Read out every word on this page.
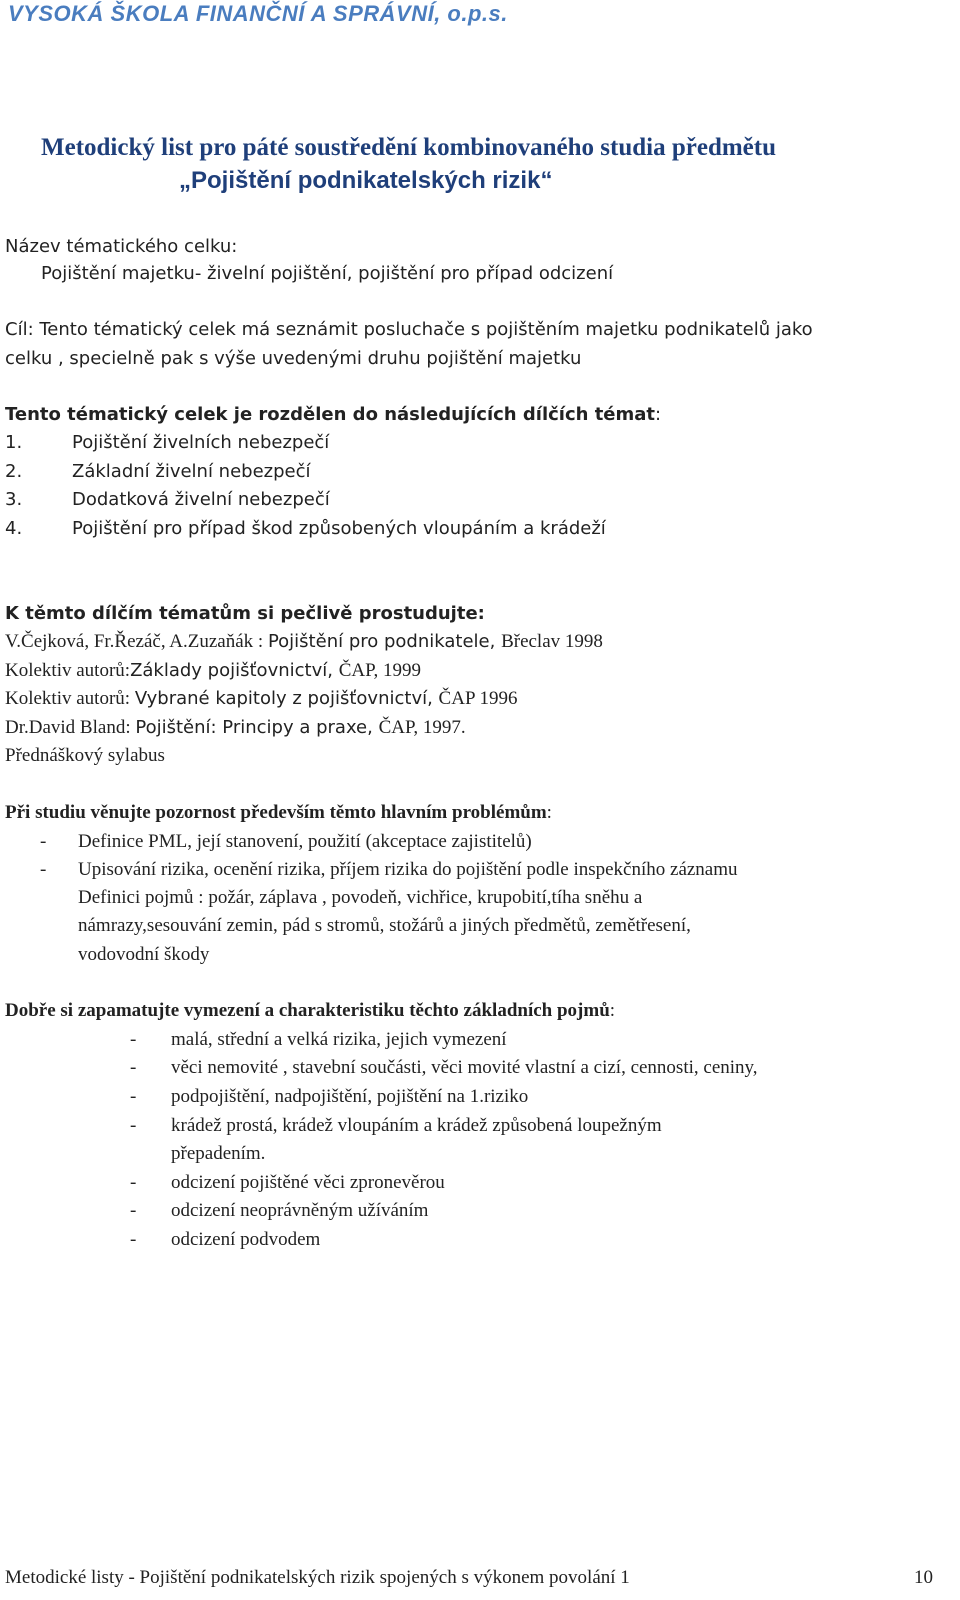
VYSOKÁ ŠKOLA FINANČNÍ A SPRÁVNÍ, o.p.s.
Metodický list pro páté soustředění kombinovaného studia předmětu
„Pojištění podnikatelských rizik“
Název tématického celku:
Pojištění majetku- živelní pojištění, pojištění pro případ odcizení
Cíl: Tento tématický celek má seznámit posluchače s pojištěním majetku podnikatelů jako
celku , specielně pak s výše uvedenými druhu pojištění majetku
Tento tématický celek je rozdělen do následujících dílčích témat:
1.	Pojištění živelních nebezpečí
2.	Základní živelní nebezpečí
3.	Dodatková živelní nebezpečí
4.	Pojištění pro případ škod způsobených vloupáním a krádeží
K těmto dílčím tématům si pečlivě prostudujte:
V.Čejková, Fr.Řezáč, A.Zuzaňák : Pojištění pro podnikatele, Břeclav 1998
Kolektiv autorů:Základy pojišťovnictví, ČAP, 1999
Kolektiv autorů: Vybrané kapitoly z pojišťovnictví, ČAP 1996
Dr.David Bland: Pojištění: Principy a praxe, ČAP, 1997.
Přednáškový sylabus
Při studiu věnujte pozornost především těmto hlavním problémům:
- Definice PML, její stanovení, použití (akceptace zajistitelů)
- Upisování rizika, ocenění rizika, příjem rizika do pojištění podle inspekčního záznamu
Definici pojmů : požár, záplava , povodeň, vichřice, krupobití,tíha sněhu a
námrazy,sesouvání zemin, pád s stromů, stožárů a jiných předmětů, zemětřesení,
vodovodní škody
Dobře si zapamatujte vymezení a charakteristiku těchto základních pojmů:
- malá, střední a velká rizika, jejich vymezení
- věci nemovité , stavební součásti, věci movité vlastní a cizí, cennosti, ceniny,
- podpojištění, nadpojištění, pojištění na 1.riziko
- krádež prostá, krádež vloupáním a krádež způsobená loupežným
přepadením.
- odcizení pojištěné věci zpronevěrou
- odcizení neoprávněným užíváním
- odcizení podvodem
Metodické listy - Pojištění podnikatelských rizik spojených s výkonem povolání 1	10
